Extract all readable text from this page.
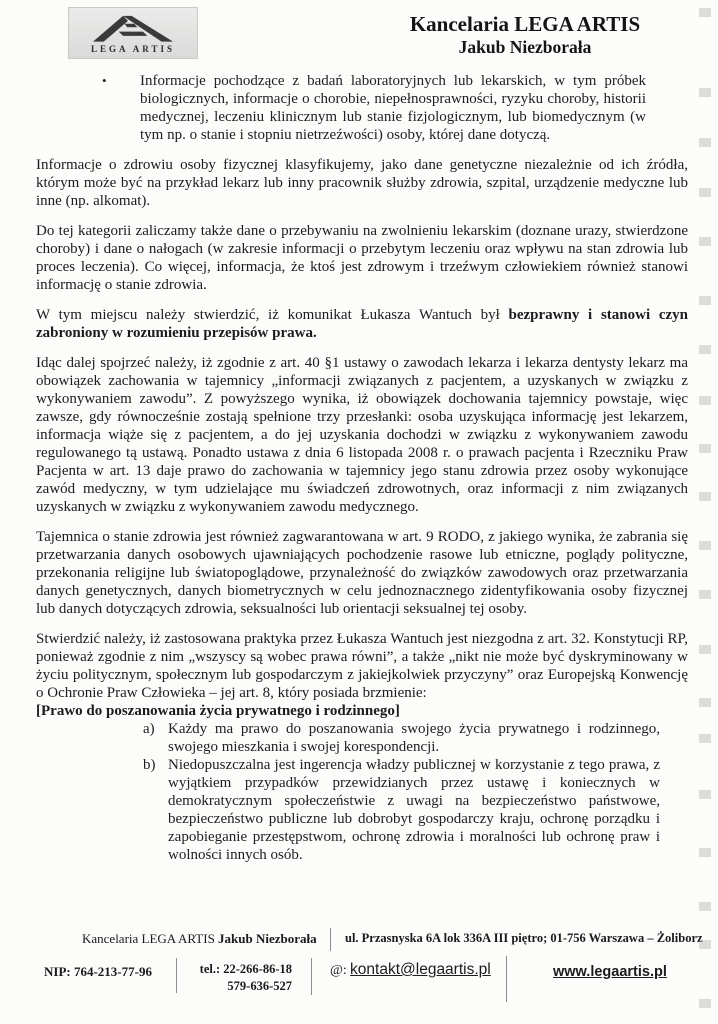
LEGA ARTIS
Kancelaria LEGA ARTIS
Jakub Niezborała
•	Informacje pochodzące z badań laboratoryjnych lub lekarskich, w tym próbek biologicznych, informacje o chorobie, niepełnosprawności, ryzyku choroby, historii medycznej, leczeniu klinicznym lub stanie fizjologicznym, lub biomedycznym (w tym np. o stanie i stopniu nietrzeźwości) osoby, której dane dotyczą.

Informacje o zdrowiu osoby fizycznej klasyfikujemy, jako dane genetyczne niezależnie od ich źródła, którym może być na przykład lekarz lub inny pracownik służby zdrowia, szpital, urządzenie medyczne lub inne (np. alkomat).

Do tej kategorii zaliczamy także dane o przebywaniu na zwolnieniu lekarskim (doznane urazy, stwierdzone choroby) i dane o nałogach (w zakresie informacji o przebytym leczeniu oraz wpływu na stan zdrowia lub proces leczenia). Co więcej, informacja, że ktoś jest zdrowym i trzeźwym człowiekiem również stanowi informację o stanie zdrowia.

W tym miejscu należy stwierdzić, iż komunikat Łukasza Wantuch był bezprawny i stanowi czyn zabroniony w rozumieniu przepisów prawa.

Idąc dalej spojrzeć należy, iż zgodnie z art. 40 §1 ustawy o zawodach lekarza i lekarza dentysty lekarz ma obowiązek zachowania w tajemnicy „informacji związanych z pacjentem, a uzyskanych w związku z wykonywaniem zawodu”. Z powyższego wynika, iż obowiązek dochowania tajemnicy powstaje, więc zawsze, gdy równocześnie zostają spełnione trzy przesłanki: osoba uzyskująca informację jest lekarzem, informacja wiąże się z pacjentem, a do jej uzyskania dochodzi w związku z wykonywaniem zawodu regulowanego tą ustawą. Ponadto ustawa z dnia 6 listopada 2008 r. o prawach pacjenta i Rzeczniku Praw Pacjenta w art. 13 daje prawo do zachowania w tajemnicy jego stanu zdrowia przez osoby wykonujące zawód medyczny, w tym udzielające mu świadczeń zdrowotnych, oraz informacji z nim związanych uzyskanych w związku z wykonywaniem zawodu medycznego.

Tajemnica o stanie zdrowia jest również zagwarantowana w art. 9 RODO, z jakiego wynika, że zabrania się przetwarzania danych osobowych ujawniających pochodzenie rasowe lub etniczne, poglądy polityczne, przekonania religijne lub światopoglądowe, przynależność do związków zawodowych oraz przetwarzania danych genetycznych, danych biometrycznych w celu jednoznacznego zidentyfikowania osoby fizycznej lub danych dotyczących zdrowia, seksualności lub orientacji seksualnej tej osoby.

Stwierdzić należy, iż zastosowana praktyka przez Łukasza Wantuch jest niezgodna z art. 32. Konstytucji RP, ponieważ zgodnie z nim „wszyscy są wobec prawa równi”, a także „nikt nie może być dyskryminowany w życiu politycznym, społecznym lub gospodarczym z jakiejkolwiek przyczyny” oraz Europejską Konwencję o Ochronie Praw Człowieka – jej art. 8, który posiada brzmienie:

[Prawo do poszanowania życia prywatnego i rodzinnego]

a) Każdy ma prawo do poszanowania swojego życia prywatnego i rodzinnego, swojego mieszkania i swojej korespondencji.
b) Niedopuszczalna jest ingerencja władzy publicznej w korzystanie z tego prawa, z wyjątkiem przypadków przewidzianych przez ustawę i koniecznych w demokratycznym społeczeństwie z uwagi na bezpieczeństwo państwowe, bezpieczeństwo publiczne lub dobrobyt gospodarczy kraju, ochronę porządku i zapobieganie przestępstwom, ochronę zdrowia i moralności lub ochronę praw i wolności innych osób.
Kancelaria LEGA ARTIS Jakub Niezborała ul. Przasnyska 6A lok 336A III piętro; 01-756 Warszawa – Żoliborz
NIP: 764-213-77-96	tel.: 22-266-86-18
579-636-527
@: kontakt@legaartis.pl	www.legaartis.pl
